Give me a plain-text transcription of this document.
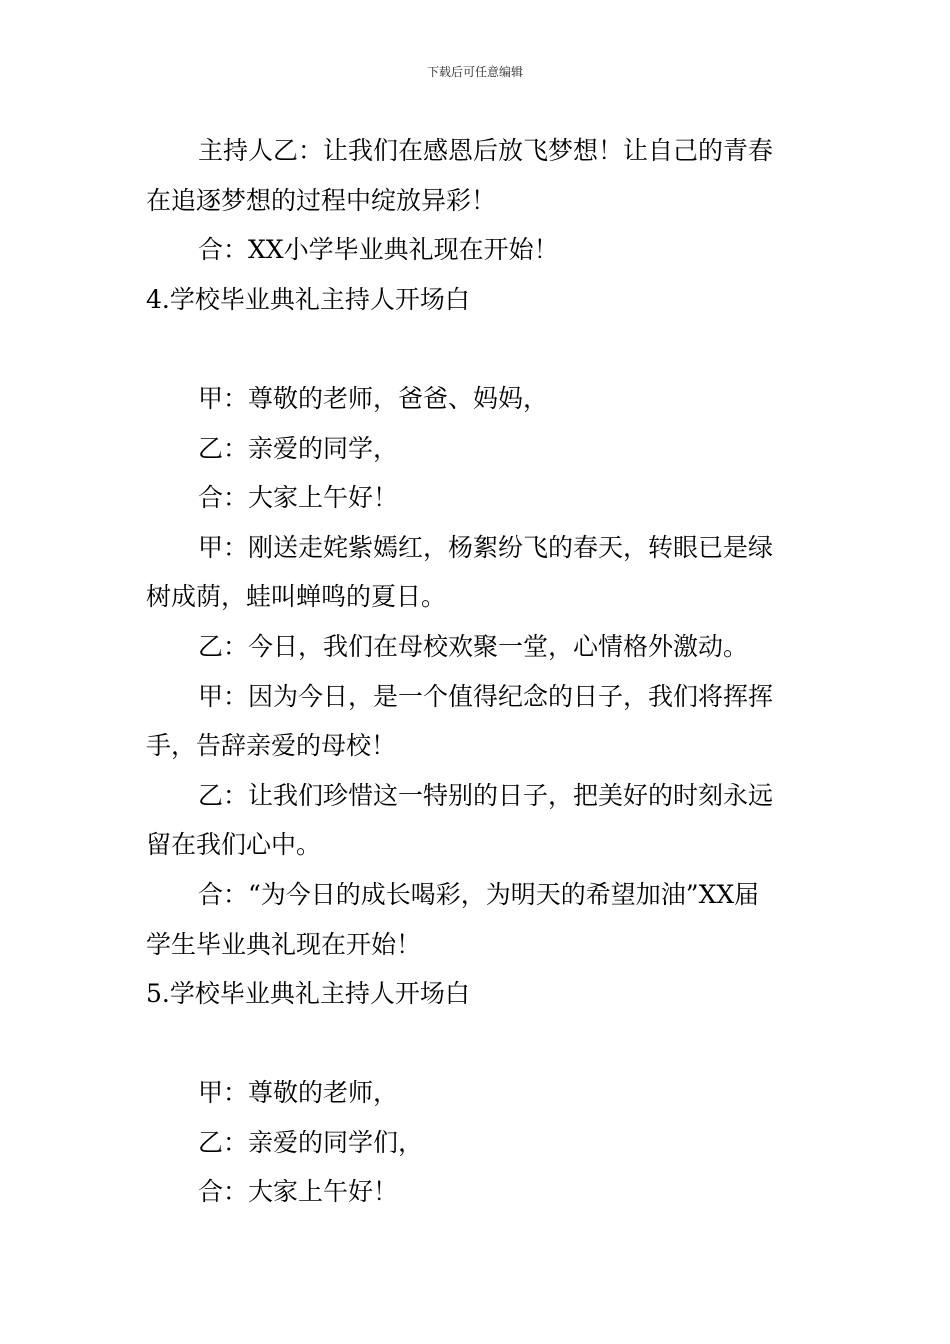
下载后可任意编辑
主持人乙：让我们在感恩后放飞梦想！让自己的青春
在追逐梦想的过程中绽放异彩！
合：XX小学毕业典礼现在开始！
4.学校毕业典礼主持人开场白
甲：尊敬的老师，爸爸、妈妈，
乙：亲爱的同学，
合：大家上午好！
甲：刚送走姹紫嫣红，杨絮纷飞的春天，转眼已是绿
树成荫，蛙叫蝉鸣的夏日。
乙：今日，我们在母校欢聚一堂，心情格外激动。
甲：因为今日，是一个值得纪念的日子，我们将挥挥
手，告辞亲爱的母校！
乙：让我们珍惜这一特别的日子，把美好的时刻永远
留在我们心中。
合：“为今日的成长喝彩，为明天的希望加油”XX届
学生毕业典礼现在开始！
5.学校毕业典礼主持人开场白
甲：尊敬的老师，
乙：亲爱的同学们，
合：大家上午好！
